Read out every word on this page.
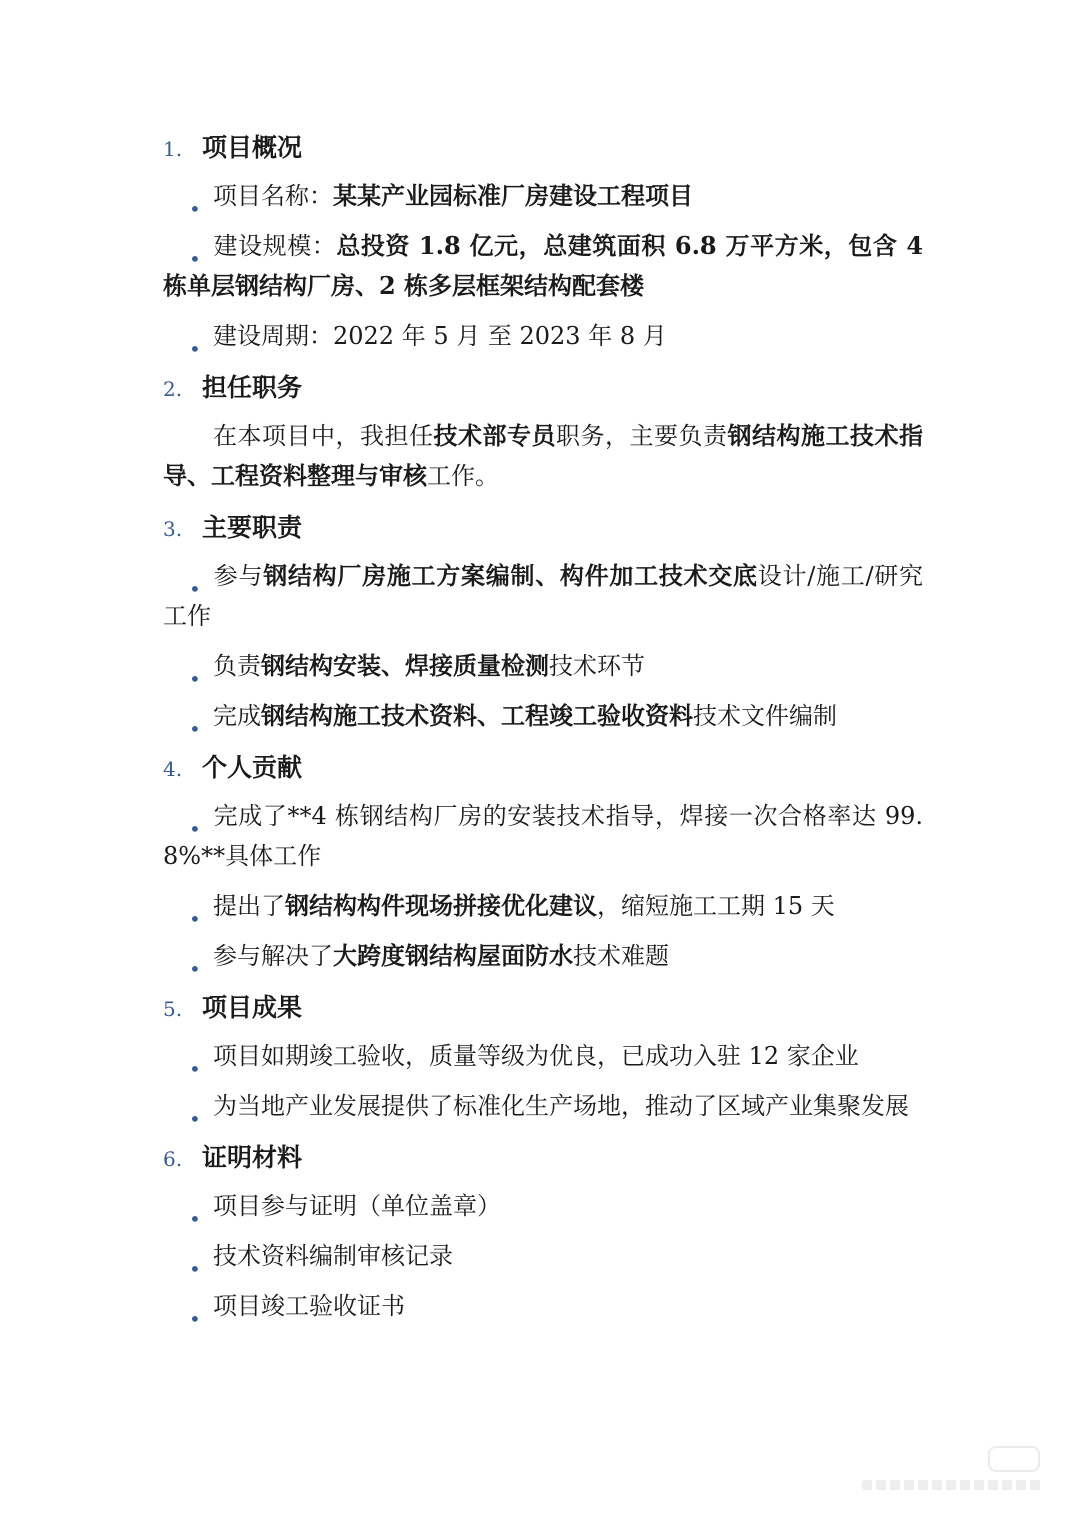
1. 项目概况
• 项目名称：某某产业园标准厂房建设工程项目
• 建设规模：总投资 1.8 亿元，总建筑面积 6.8 万平方米，包含 4 栋单层钢结构厂房、2 栋多层框架结构配套楼
• 建设周期：2022 年 5 月 至 2023 年 8 月
2. 担任职务
在本项目中，我担任技术部专员职务，主要负责钢结构施工技术指导、工程资料整理与审核工作。
3. 主要职责
• 参与钢结构厂房施工方案编制、构件加工技术交底设计/施工/研究工作
• 负责钢结构安装、焊接质量检测技术环节
• 完成钢结构施工技术资料、工程竣工验收资料技术文件编制
4. 个人贡献
• 完成了**4 栋钢结构厂房的安装技术指导，焊接一次合格率达 99.8%**具体工作
• 提出了钢结构构件现场拼接优化建议，缩短施工工期 15 天
• 参与解决了大跨度钢结构屋面防水技术难题
5. 项目成果
• 项目如期竣工验收，质量等级为优良，已成功入驻 12 家企业
• 为当地产业发展提供了标准化生产场地，推动了区域产业集聚发展
6. 证明材料
• 项目参与证明（单位盖章）
• 技术资料编制审核记录
• 项目竣工验收证书
